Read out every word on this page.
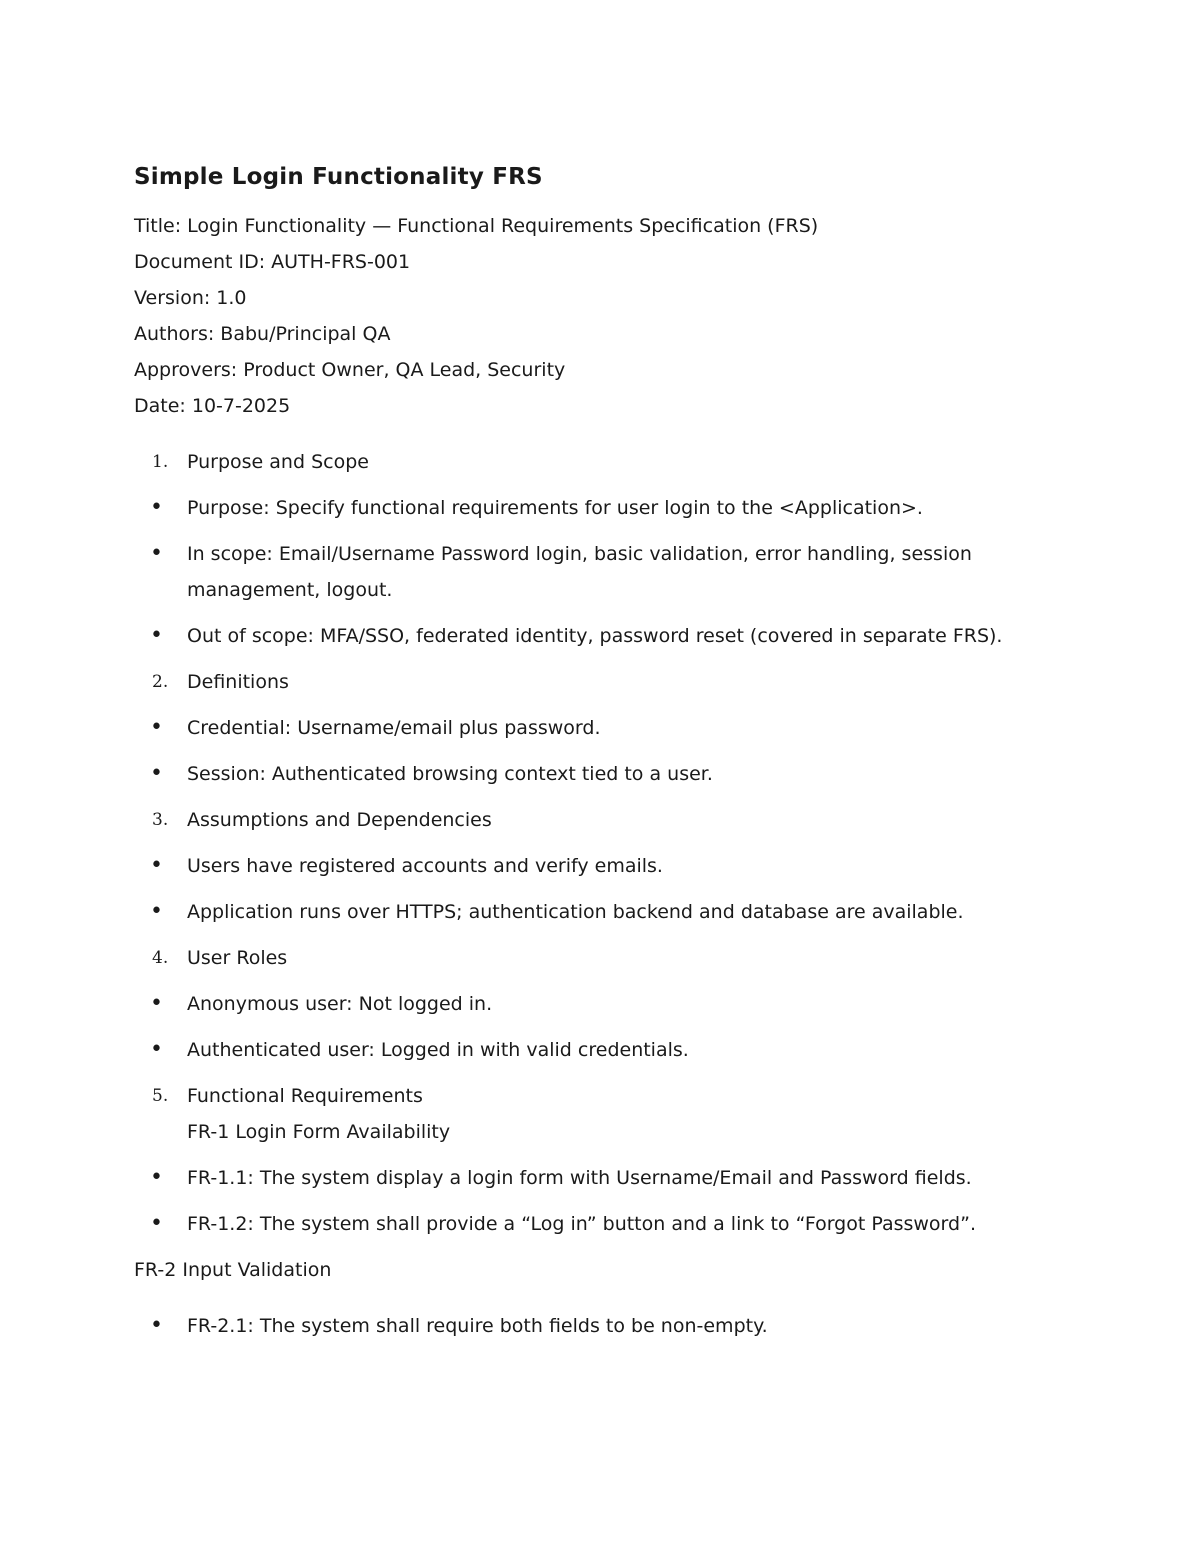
Simple Login Functionality FRS

Title: Login Functionality — Functional Requirements Specification (FRS)

Document ID: AUTH-FRS-001

Version: 1.0

Authors: Babu/Principal QA

Approvers: Product Owner, QA Lead, Security

Date: 10-7-2025

1. Purpose and Scope
•	Purpose: Specify functional requirements for user login to the <Application>.
•	In scope: Email/Username Password login, basic validation, error handling, session management, logout.
•	Out of scope: MFA/SSO, federated identity, password reset (covered in separate FRS).
2. Definitions
•	Credential: Username/email plus password.
•	Session: Authenticated browsing context tied to a user.
3. Assumptions and Dependencies
•	Users have registered accounts and verify emails.
•	Application runs over HTTPS; authentication backend and database are available.
4. User Roles
•	Anonymous user: Not logged in.
•	Authenticated user: Logged in with valid credentials.
5. Functional Requirements
FR-1 Login Form Availability
•	FR-1.1: The system display a login form with Username/Email and Password fields.
•	FR-1.2: The system shall provide a “Log in” button and a link to “Forgot Password”.

FR-2 Input Validation

•	FR-2.1: The system shall require both fields to be non-empty.
